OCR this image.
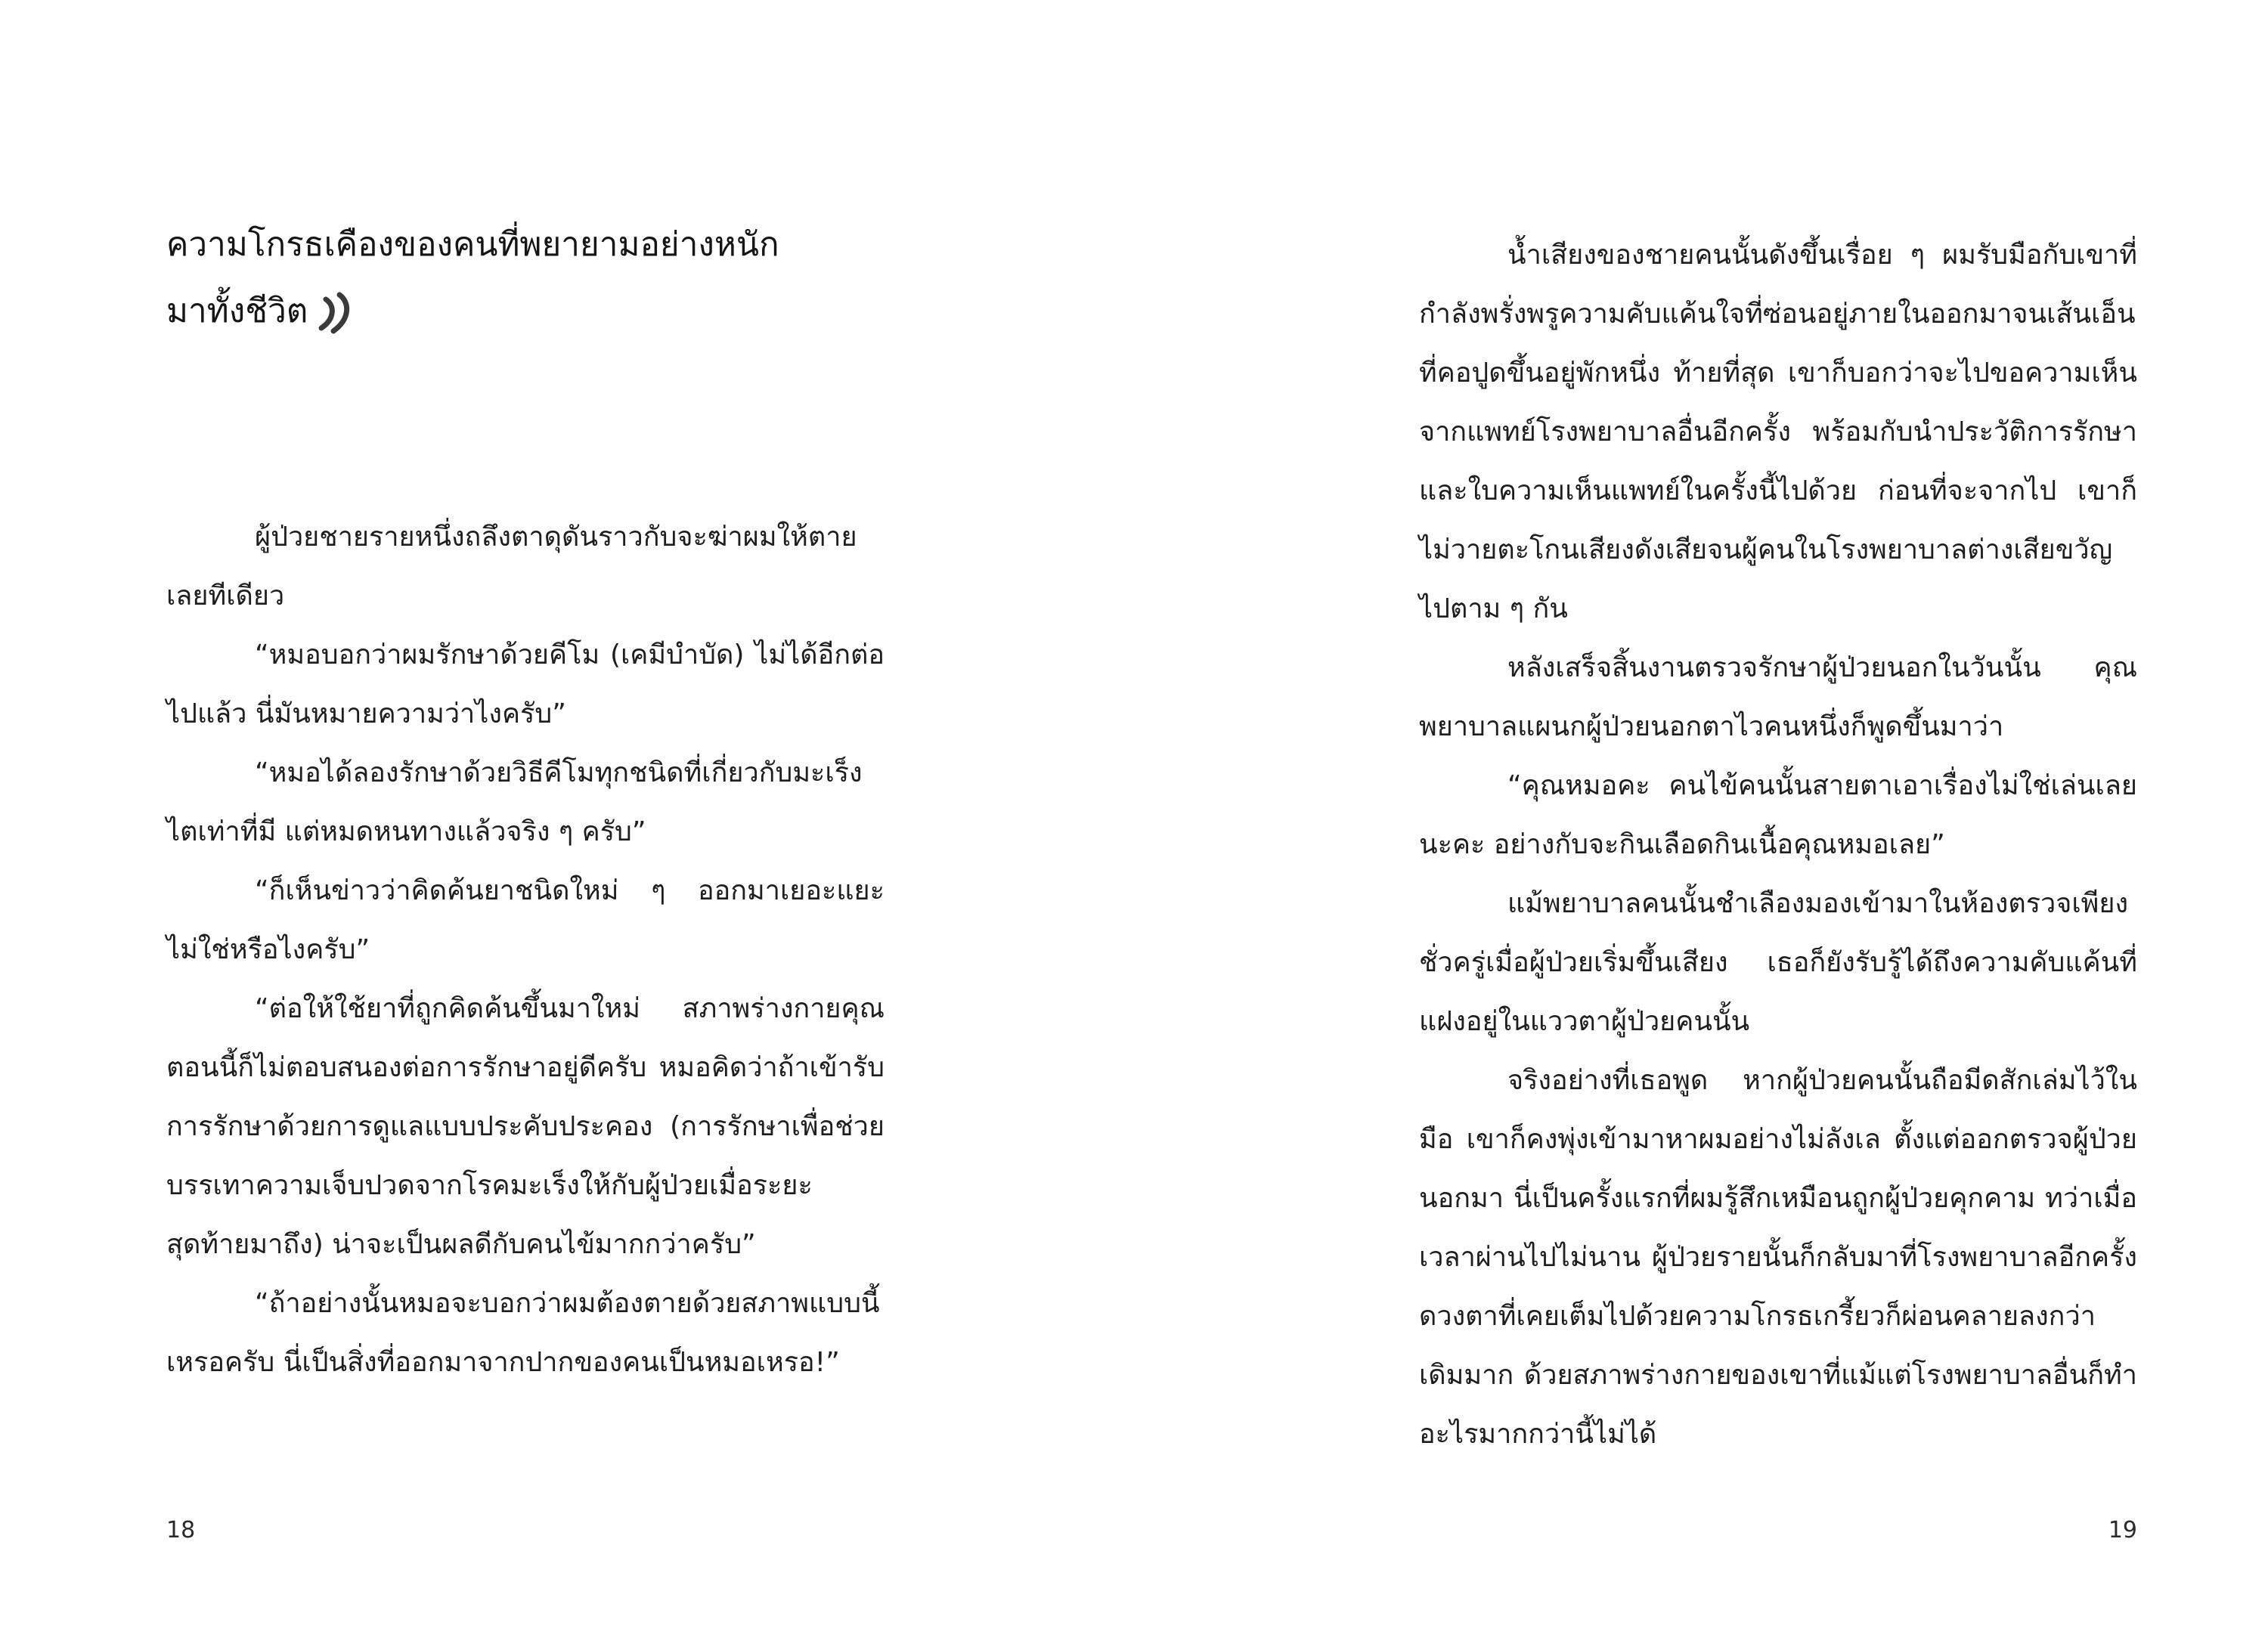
ความโกรธเคืองของคนที่พยายามอย่างหนัก
มาทั้งชีวิต

ผู้ป่วยชายรายหนึ่งถลึงตาดุดันราวกับจะฆ่าผมให้ตายเลยทีเดียว

“หมอบอกว่าผมรักษาด้วยคีโม (เคมีบำบัด) ไม่ได้อีกต่อไปแล้ว นี่มันหมายความว่าไงครับ”

“หมอได้ลองรักษาด้วยวิธีคีโมทุกชนิดที่เกี่ยวกับมะเร็งไตเท่าที่มี แต่หมดหนทางแล้วจริง ๆ ครับ”

“ก็เห็นข่าวว่าคิดค้นยาชนิดใหม่ ๆ ออกมาเยอะแยะไม่ใช่หรือไงครับ”

“ต่อให้ใช้ยาที่ถูกคิดค้นขึ้นมาใหม่ สภาพร่างกายคุณตอนนี้ก็ไม่ตอบสนองต่อการรักษาอยู่ดีครับ หมอคิดว่าถ้าเข้ารับการรักษาด้วยการดูแลแบบประคับประคอง (การรักษาเพื่อช่วยบรรเทาความเจ็บปวดจากโรคมะเร็งให้กับผู้ป่วยเมื่อระยะสุดท้ายมาถึง) น่าจะเป็นผลดีกับคนไข้มากกว่าครับ”

“ถ้าอย่างนั้นหมอจะบอกว่าผมต้องตายด้วยสภาพแบบนี้เหรอครับ นี่เป็นสิ่งที่ออกมาจากปากของคนเป็นหมอเหรอ!”

18

น้ำเสียงของชายคนนั้นดังขึ้นเรื่อย ๆ ผมรับมือกับเขาที่กำลังพรั่งพรูความคับแค้นใจที่ซ่อนอยู่ภายในออกมาจนเส้นเอ็นที่คอปูดขึ้นอยู่พักหนึ่ง ท้ายที่สุด เขาก็บอกว่าจะไปขอความเห็นจากแพทย์โรงพยาบาลอื่นอีกครั้ง พร้อมกับนำประวัติการรักษาและใบความเห็นแพทย์ในครั้งนี้ไปด้วย ก่อนที่จะจากไป เขาก็ไม่วายตะโกนเสียงดังเสียจนผู้คนในโรงพยาบาลต่างเสียขวัญไปตาม ๆ กัน

หลังเสร็จสิ้นงานตรวจรักษาผู้ป่วยนอกในวันนั้น คุณพยาบาลแผนกผู้ป่วยนอกตาไวคนหนึ่งก็พูดขึ้นมาว่า

“คุณหมอคะ คนไข้คนนั้นสายตาเอาเรื่องไม่ใช่เล่นเลยนะคะ อย่างกับจะกินเลือดกินเนื้อคุณหมอเลย”

แม้พยาบาลคนนั้นชำเลืองมองเข้ามาในห้องตรวจเพียงชั่วครู่เมื่อผู้ป่วยเริ่มขึ้นเสียง เธอก็ยังรับรู้ได้ถึงความคับแค้นที่แฝงอยู่ในแววตาผู้ป่วยคนนั้น

จริงอย่างที่เธอพูด หากผู้ป่วยคนนั้นถือมีดสักเล่มไว้ในมือ เขาก็คงพุ่งเข้ามาหาผมอย่างไม่ลังเล ตั้งแต่ออกตรวจผู้ป่วยนอกมา นี่เป็นครั้งแรกที่ผมรู้สึกเหมือนถูกผู้ป่วยคุกคาม ทว่าเมื่อเวลาผ่านไปไม่นาน ผู้ป่วยรายนั้นก็กลับมาที่โรงพยาบาลอีกครั้ง ดวงตาที่เคยเต็มไปด้วยความโกรธเกรี้ยวก็ผ่อนคลายลงกว่าเดิมมาก ด้วยสภาพร่างกายของเขาที่แม้แต่โรงพยาบาลอื่นก็ทำอะไรมากกว่านี้ไม่ได้

19
